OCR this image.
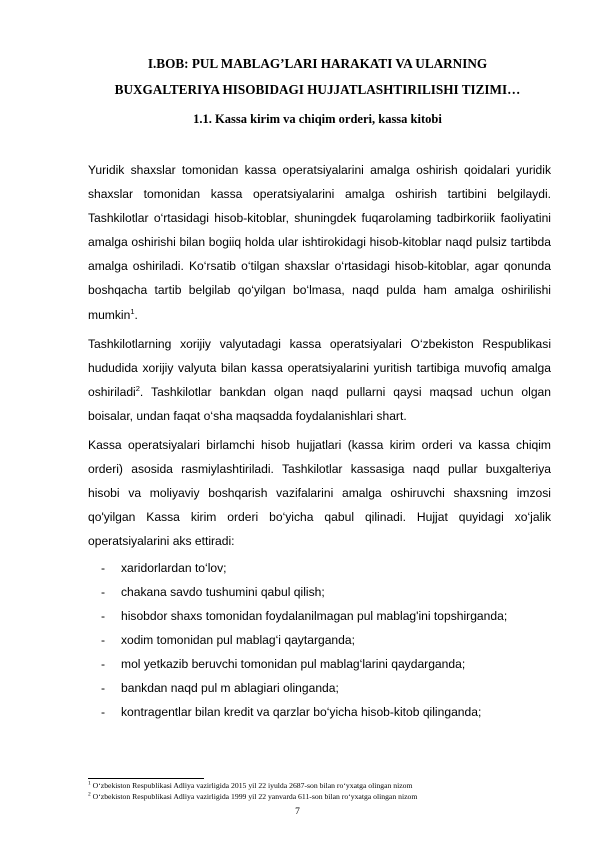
I.BOB: PUL MABLAG’LARI HARAKATI VA ULARNING
BUXGALTERIYA HISOBIDAGI HUJJATLASHTIRILISHI TIZIMI…
1.1. Kassa kirim va chiqim orderi, kassa kitobi

Yuridik shaxslar tomonidan kassa operatsiyalarini amalga oshirish qoidalari yuridik shaxslar tomonidan kassa operatsiyalarini amalga oshirish tartibini belgilaydi. Tashkilotlar o‘rtasidagi hisob-kitoblar, shuningdek fuqarolaming tadbirkoriik faoliyatini amalga oshirishi bilan bogiiq holda ular ishtirokidagi hisob-kitoblar naqd pulsiz tartibda amalga oshiriladi. Ko‘rsatib o‘tilgan shaxslar o‘rtasidagi hisob-kitoblar, agar qonunda boshqacha tartib belgilab qo‘yilgan bo‘lmasa, naqd pulda ham amalga oshirilishi mumkin$^1$.

Tashkilotlarning xorijiy valyutadagi kassa operatsiyalari O‘zbekiston Respublikasi hududida xorijiy valyuta bilan kassa operatsiyalarini yuritish tartibiga muvofiq amalga oshiriladi$^2$. Tashkilotlar bankdan olgan naqd pullarni qaysi maqsad uchun olgan boisalar, undan faqat o‘sha maqsadda foydalanishlari shart.

Kassa operatsiyalari birlamchi hisob hujjatlari (kassa kirim orderi va kassa chiqim orderi) asosida rasmiylashtiriladi. Tashkilotlar kassasiga naqd pullar buxgalteriya hisobi va moliyaviy boshqarish vazifalarini amalga oshiruvchi shaxsning imzosi qo'yilgan Kassa kirim orderi bo‘yicha qabul qilinadi. Hujjat quyidagi xo‘jalik operatsiyalarini aks ettiradi:

- xaridorlardan to‘lov;
- chakana savdo tushumini qabul qilish;
- hisobdor shaxs tomonidan foydalanilmagan pul mablag'ini topshirganda;
- xodim tomonidan pul mablag‘i qaytarganda;
- mol yetkazib beruvchi tomonidan pul mablag‘larini qaydarganda;
- bankdan naqd pul m ablagiari olinganda;
- kontragentlar bilan kredit va qarzlar bo‘yicha hisob-kitob qilinganda;
$^1$ O‘zbekiston Respublikasi Adliya vazirligida 2015 yil 22 iyulda 2687-son bilan ro‘yxatga olingan nizom
$^2$ O‘zbekiston Respublikasi Adliya vazirligida 1999 yil 22 yanvarda 611-son bilan ro‘yxatga olingan nizom
7
